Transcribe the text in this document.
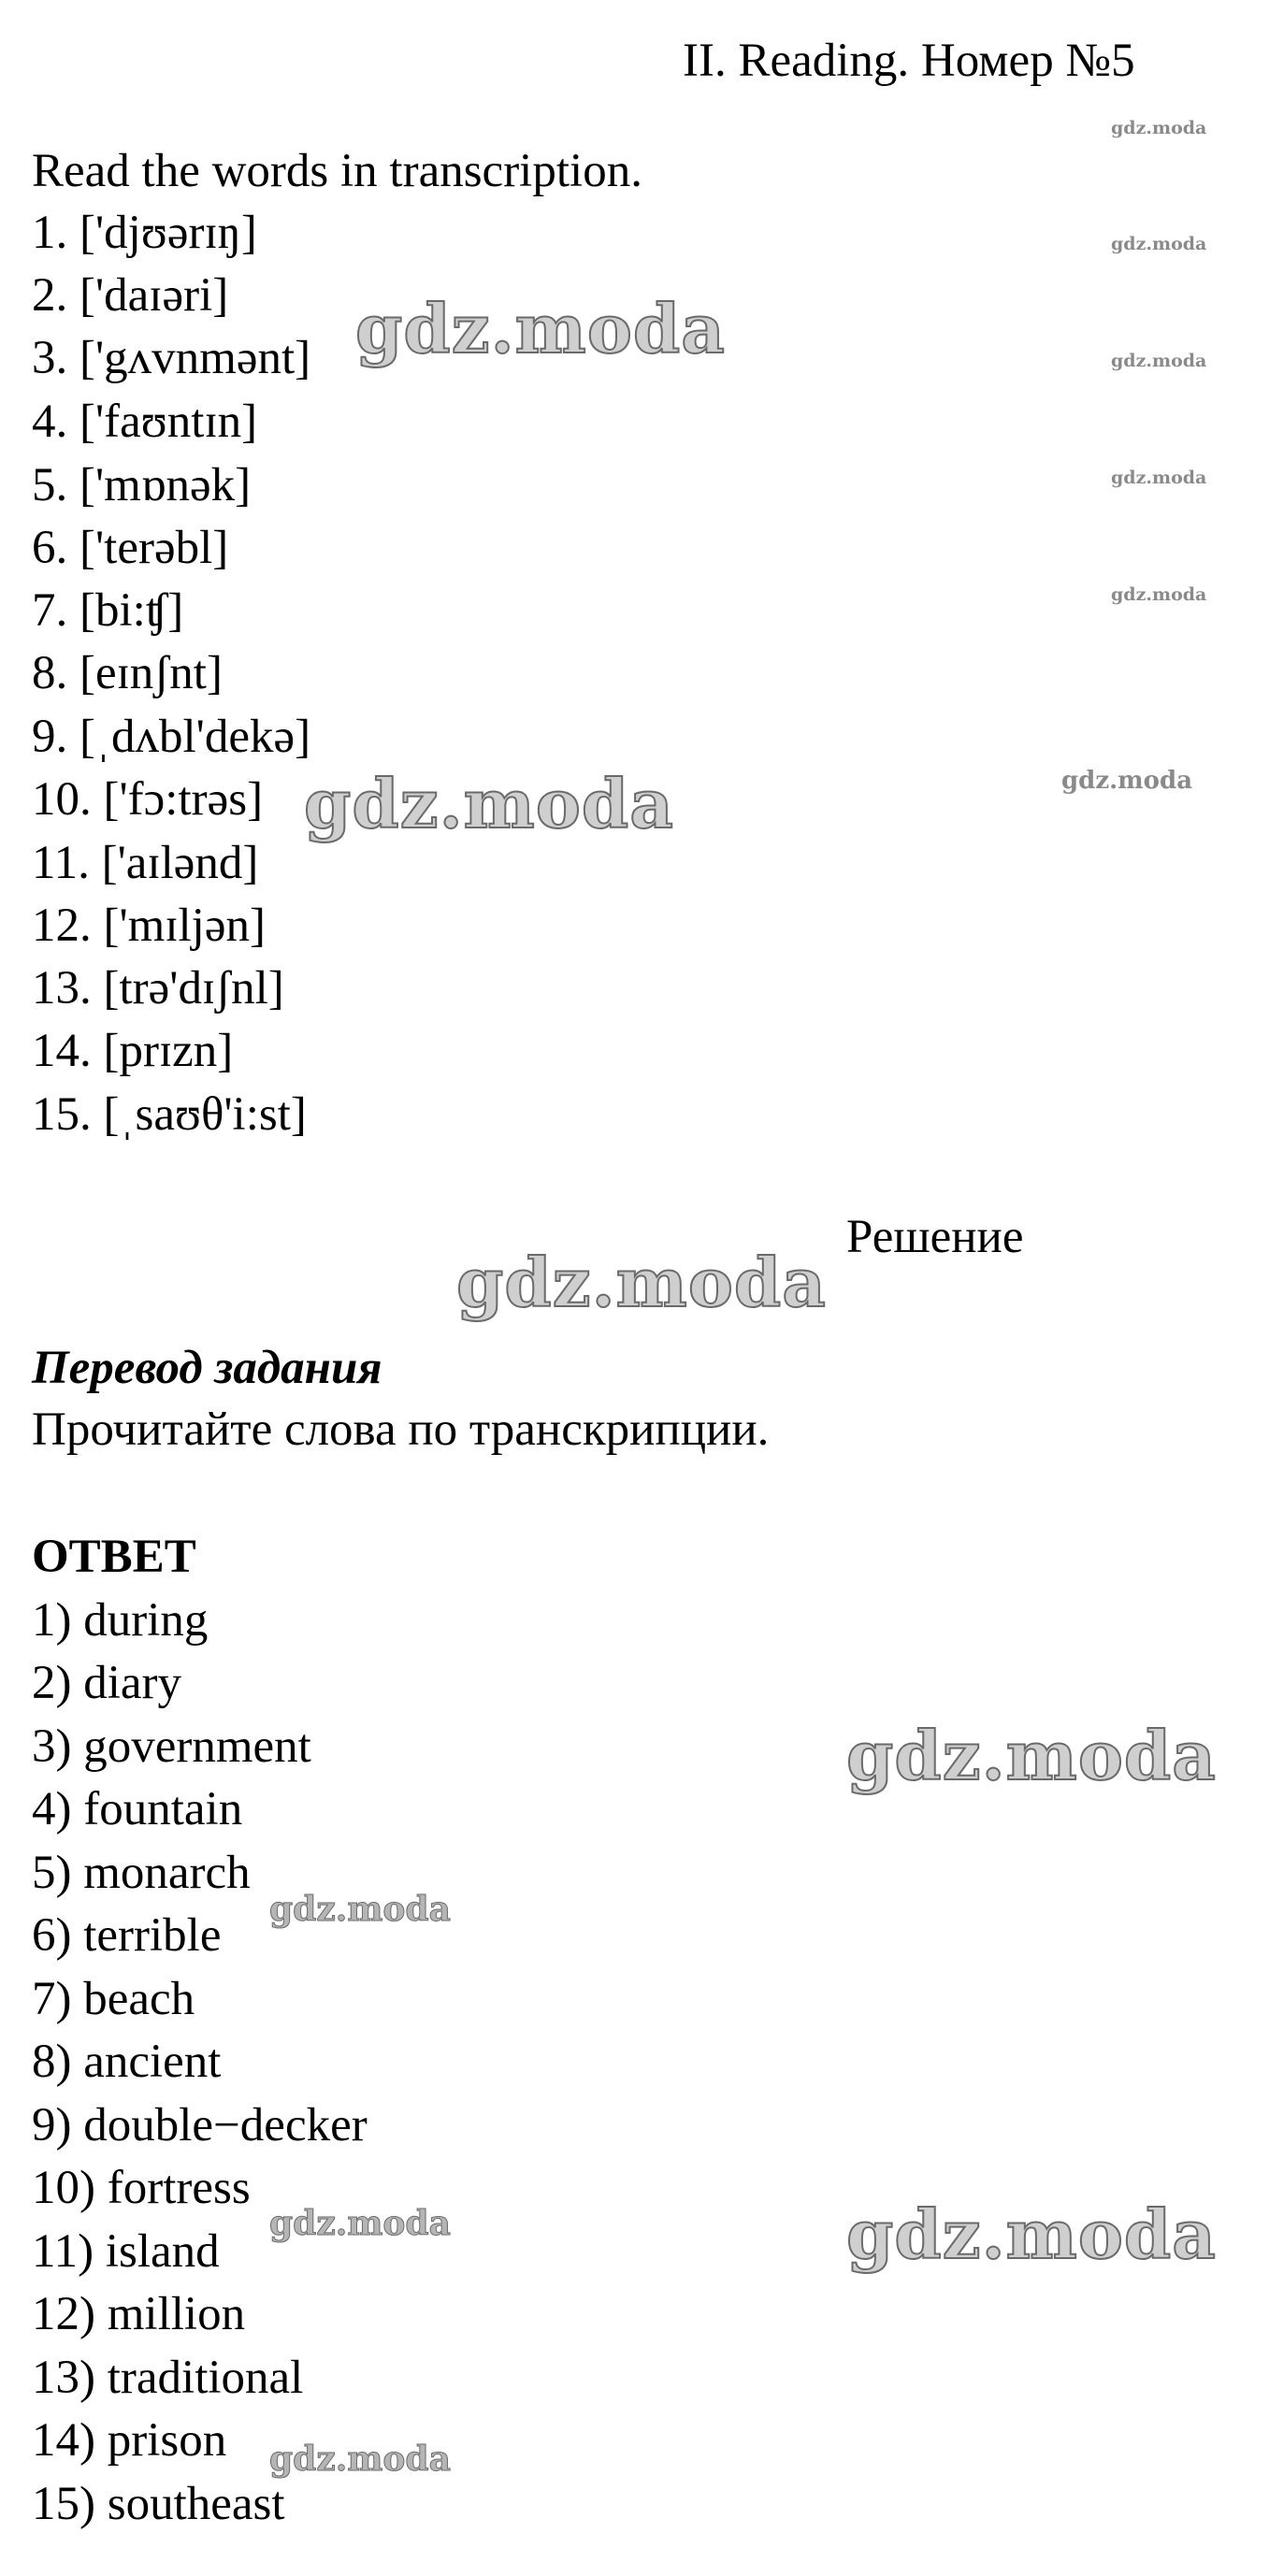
II. Reading. Номер №5
Read the words in transcription.
1. ['djʊərɪŋ]
2. ['daɪəri]
3. ['gʌvnmənt]
4. ['faʊntɪn]
5. ['mɒnək]
6. ['terəbl]
7. [bi:ʧ]
8. [eɪnʃnt]
9. [ˌdʌbl'dekə]
10. ['fɔ:trəs]
11. ['aɪlənd]
12. ['mɪljən]
13. [trə'dɪʃnl]
14. [prɪzn]
15. [ˌsaʊθ'i:st]
Решение
Перевод задания
Прочитайте слова по транскрипции.
ОТВЕТ
1) during
2) diary
3) government
4) fountain
5) monarch
6) terrible
7) beach
8) ancient
9) double−decker
10) fortress
11) island
12) million
13) traditional
14) prison
15) southeast
gdz.moda
gdz.moda
gdz.moda
gdz.moda
gdz.moda
gdz.moda
gdz.moda
gdz.moda
gdz.moda
gdz.moda
gdz.moda
gdz.moda
gdz.moda
gdz.moda
